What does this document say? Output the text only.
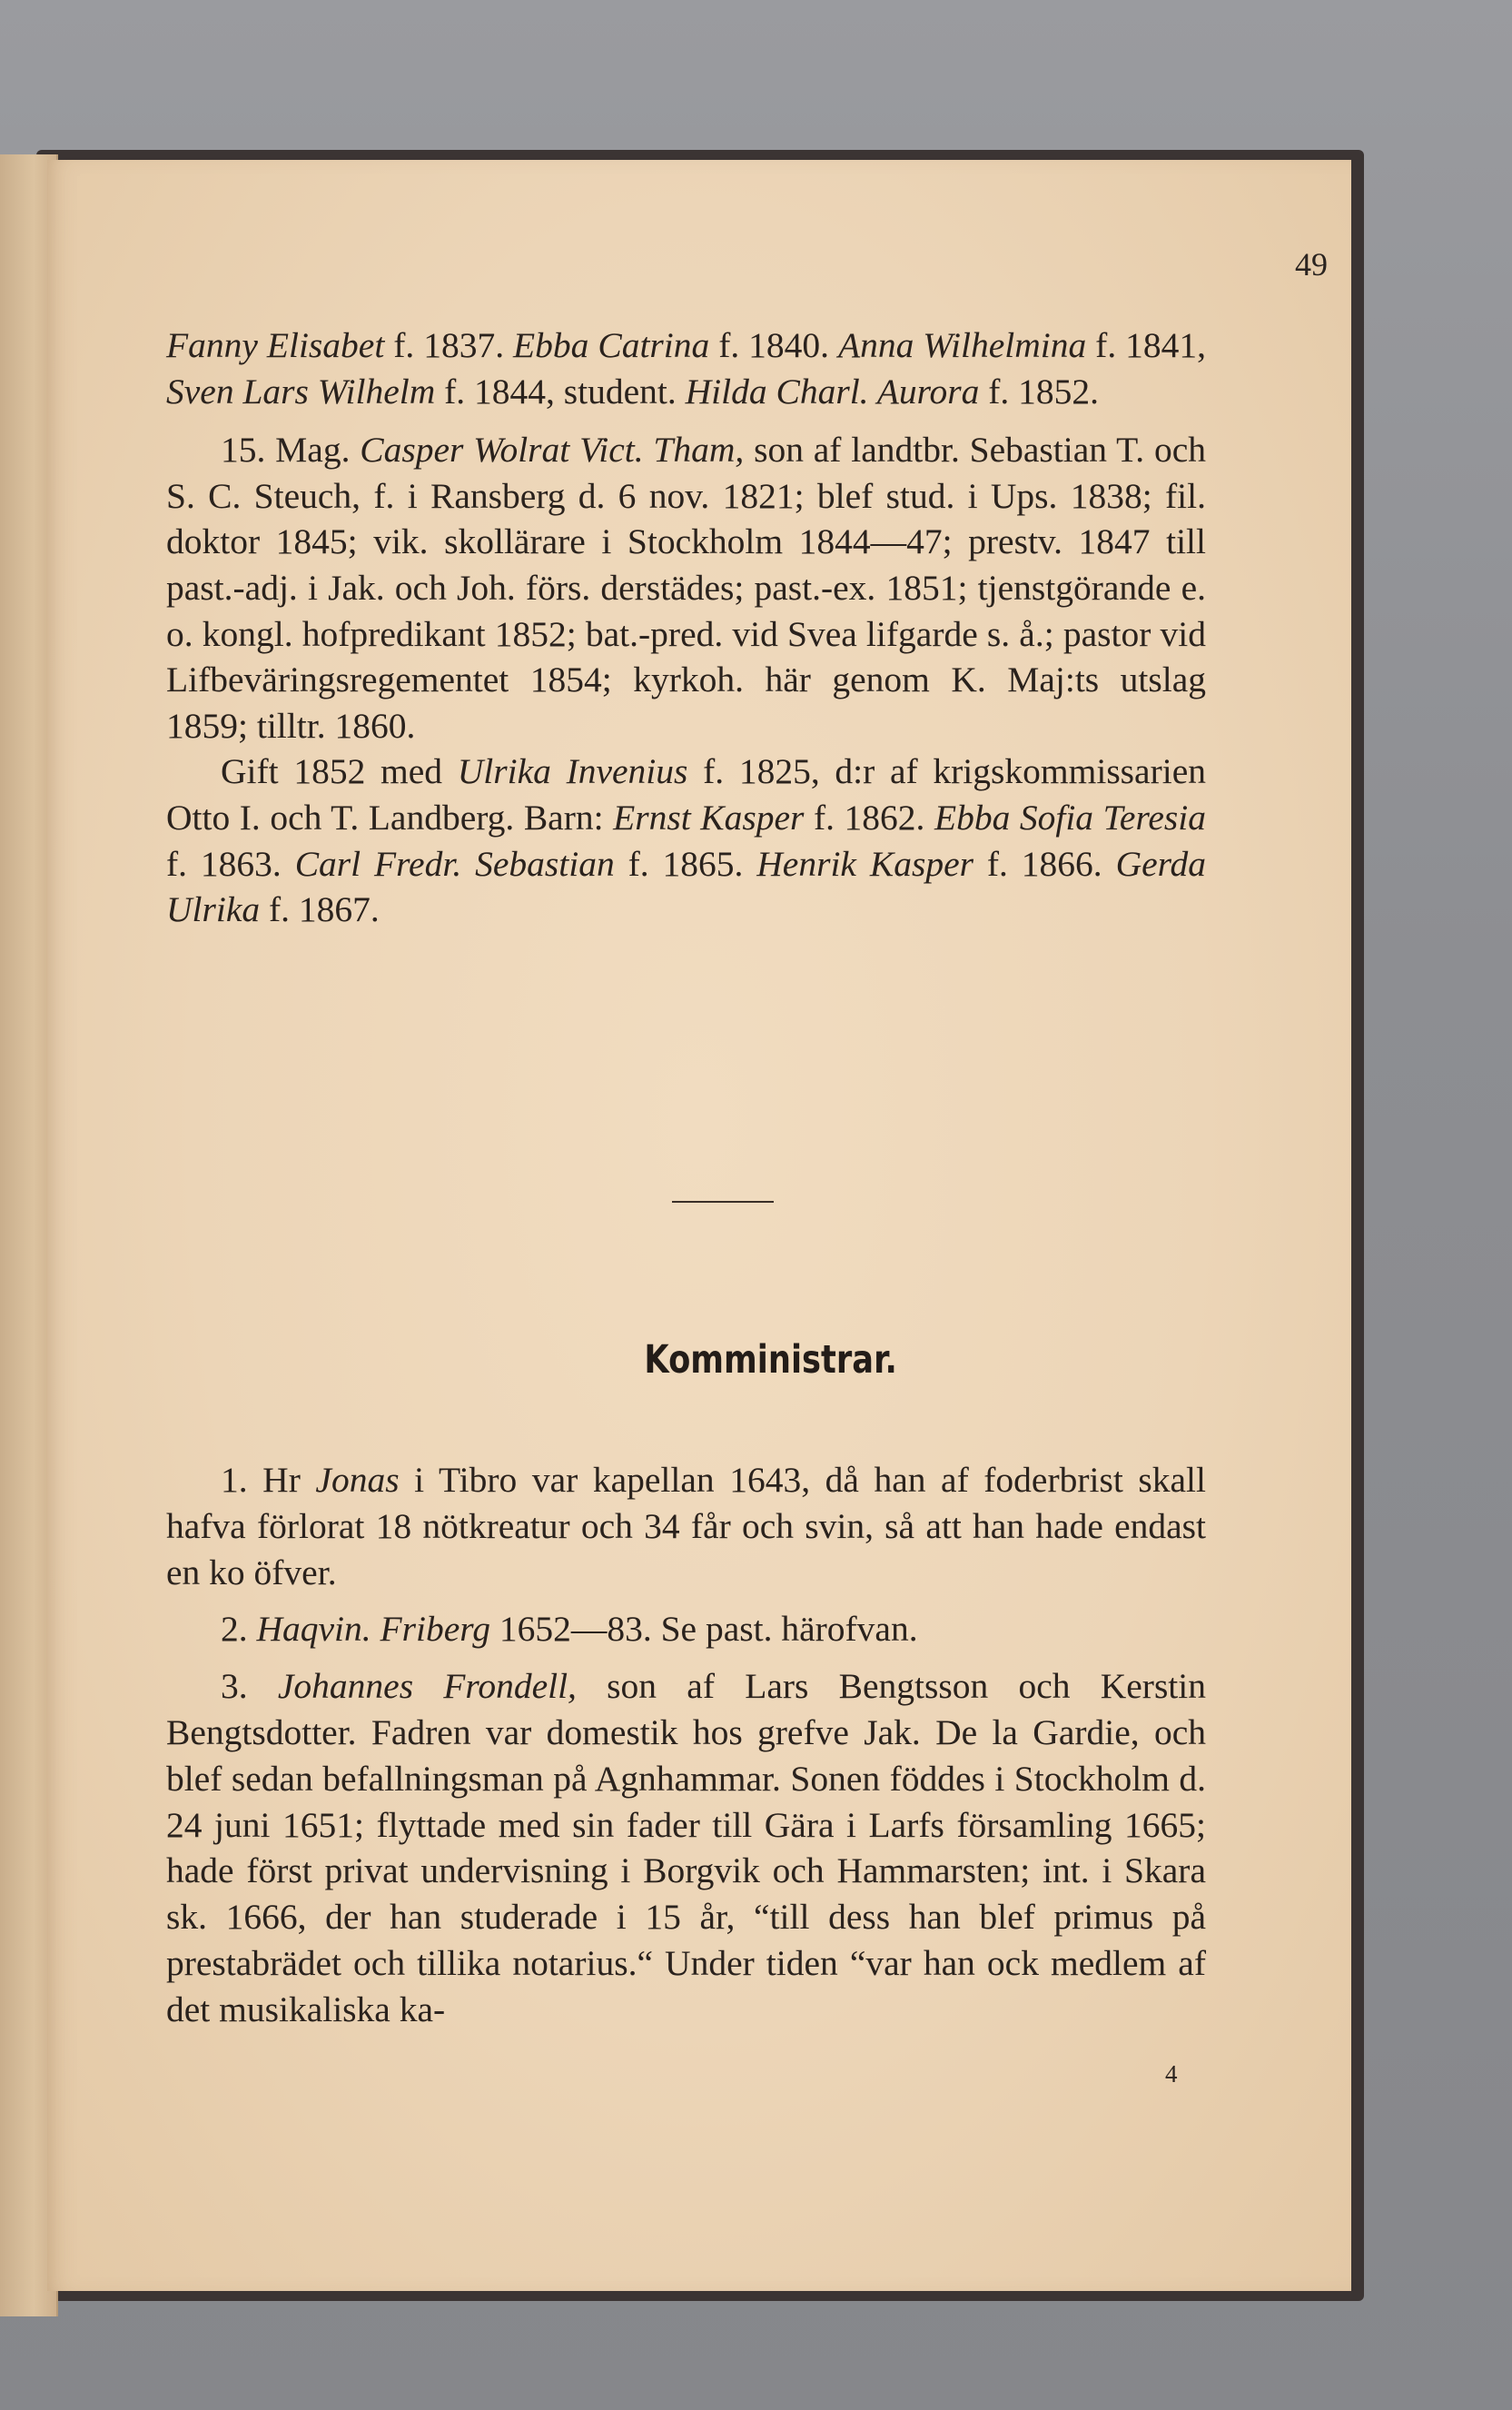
49

Fanny Elisabet f. 1837. Ebba Catrina f. 1840. Anna Wilhelmina f. 1841, Sven Lars Wilhelm f. 1844, student. Hilda Charl. Aurora f. 1852.

15. Mag. Casper Wolrat Vict. Tham, son af landtbr. Sebastian T. och S. C. Steuch, f. i Ransberg d. 6 nov. 1821; blef stud. i Ups. 1838; fil. doktor 1845; vik. skollärare i Stockholm 1844—47; prestv. 1847 till past.-adj. i Jak. och Joh. förs. derstädes; past.-ex. 1851; tjenstgörande e. o. kongl. hofpredikant 1852; bat.-pred. vid Svea lifgarde s. å.; pastor vid Lifbeväringsregementet 1854; kyrkoh. här genom K. Maj:ts utslag 1859; tilltr. 1860.

Gift 1852 med Ulrika Invenius f. 1825, d:r af krigskommissarien Otto I. och T. Landberg. Barn: Ernst Kasper f. 1862. Ebba Sofia Teresia f. 1863. Carl Fredr. Sebastian f. 1865. Henrik Kasper f. 1866. Gerda Ulrika f. 1867.

Komministrar.

1. Hr Jonas i Tibro var kapellan 1643, då han af foderbrist skall hafva förlorat 18 nötkreatur och 34 får och svin, så att han hade endast en ko öfver.

2. Haqvin. Friberg 1652—83. Se past. härofvan.

3. Johannes Frondell, son af Lars Bengtsson och Kerstin Bengtsdotter. Fadren var domestik hos grefve Jak. De la Gardie, och blef sedan befallningsman på Agnhammar. Sonen föddes i Stockholm d. 24 juni 1651; flyttade med sin fader till Gära i Larfs församling 1665; hade först privat undervisning i Borgvik och Hammarsten; int. i Skara sk. 1666, der han studerade i 15 år, “till dess han blef primus på prestabrädet och tillika notarius.“ Under tiden “var han ock medlem af det musikaliska ka-

4
